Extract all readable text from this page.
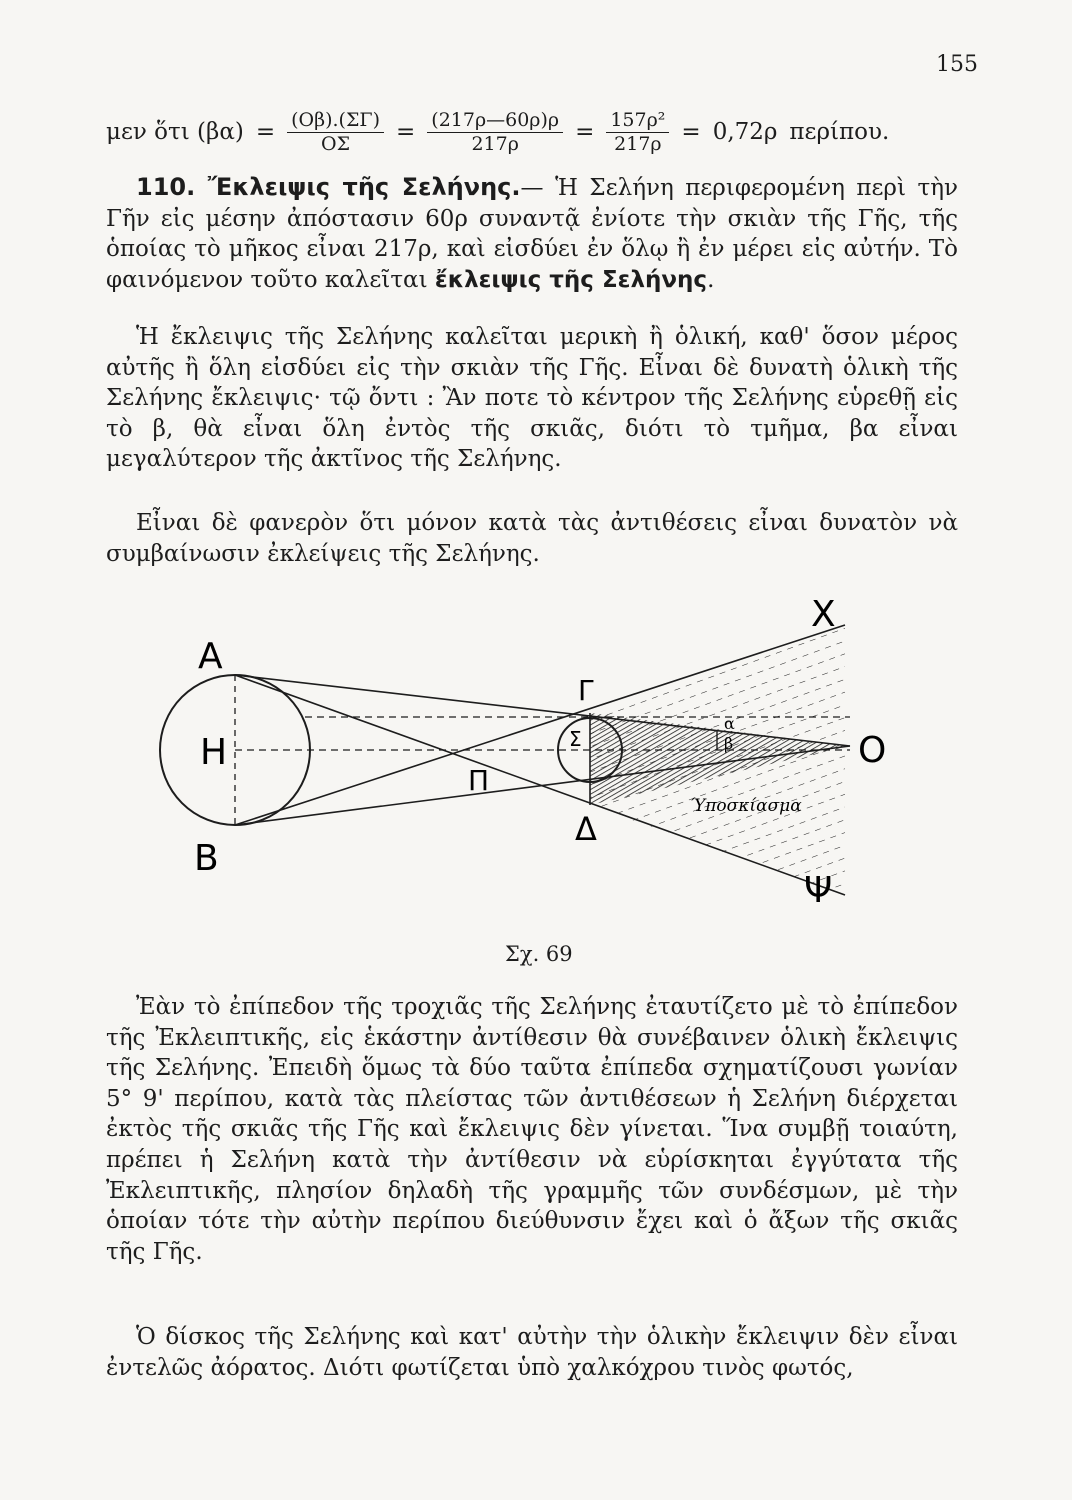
155
μεν ὅτι $(\beta\alpha) = \frac{(O\beta).(\Sigma\Gamma)}{O\Sigma} = \frac{(217\rho—60\rho)\rho}{217\rho} = \frac{\text{157ρ²}}{217\rho} = 0,72\rho$ περίπου.

110. Ἔκλειψις τῆς Σελήνης.— Ἡ Σελήνη περιφερομένη περὶ τὴν Γῆν εἰς μέσην ἀπόστασιν 60ρ συναντᾷ ἐνίοτε τὴν σκιὰν τῆς Γῆς, τῆς ὁποίας τὸ μῆκος εἶναι 217ρ, καὶ εἰσδύει ἐν ὅλῳ ἢ ἐν μέρει εἰς αὐτήν. Τὸ φαινόμενον τοῦτο καλεῖται ἔκλειψις τῆς Σελήνης.

Ἡ ἔκλειψις τῆς Σελήνης καλεῖται μερικὴ ἢ ὁλική, καθ' ὅσον μέρος αὐτῆς ἢ ὅλη εἰσδύει εἰς τὴν σκιὰν τῆς Γῆς. Εἶναι δὲ δυνατὴ ὁλικὴ τῆς Σελήνης ἔκλειψις· τῷ ὄντι : Ἂν ποτε τὸ κέντρον τῆς Σελήνης εὑρεθῇ εἰς τὸ β, θὰ εἶναι ὅλη ἐντὸς τῆς σκιᾶς, διότι τὸ τμῆμα, βα εἶναι μεγαλύτερον τῆς ἀκτῖνος τῆς Σελήνης.

Εἶναι δὲ φανερὸν ὅτι μόνον κατὰ τὰς ἀντιθέσεις εἶναι δυνατὸν νὰ συμβαίνωσιν ἐκλείψεις τῆς Σελήνης.

Α
Β
Η
Π
Γ
Δ
Σ
Χ
Ο
Ψ
α
β
Ύποσκίασμα
Σχ. 69

Ἐὰν τὸ ἐπίπεδον τῆς τροχιᾶς τῆς Σελήνης ἐταυτίζετο μὲ τὸ ἐπίπεδον τῆς Ἐκλειπτικῆς, εἰς ἑκάστην ἀντίθεσιν θὰ συνέβαινεν ὁλικὴ ἔκλειψις τῆς Σελήνης. Ἐπειδὴ ὅμως τὰ δύο ταῦτα ἐπίπεδα σχηματίζουσι γωνίαν 5° 9' περίπου, κατὰ τὰς πλείστας τῶν ἀντιθέσεων ἡ Σελήνη διέρχεται ἐκτὸς τῆς σκιᾶς τῆς Γῆς καὶ ἔκλειψις δὲν γίνεται. Ἵνα συμβῇ τοιαύτη, πρέπει ἡ Σελήνη κατὰ τὴν ἀντίθεσιν νὰ εὑρίσκηται ἐγγύτατα τῆς Ἐκλειπτικῆς, πλησίον δηλαδὴ τῆς γραμμῆς τῶν συνδέσμων, μὲ τὴν ὁποίαν τότε τὴν αὐτὴν περίπου διεύθυνσιν ἔχει καὶ ὁ ἄξων τῆς σκιᾶς τῆς Γῆς.

Ὁ δίσκος τῆς Σελήνης καὶ κατ' αὐτὴν τὴν ὁλικὴν ἔκλειψιν δὲν εἶναι ἐντελῶς ἀόρατος. Διότι φωτίζεται ὑπὸ χαλκόχρου τινὸς φωτός,
